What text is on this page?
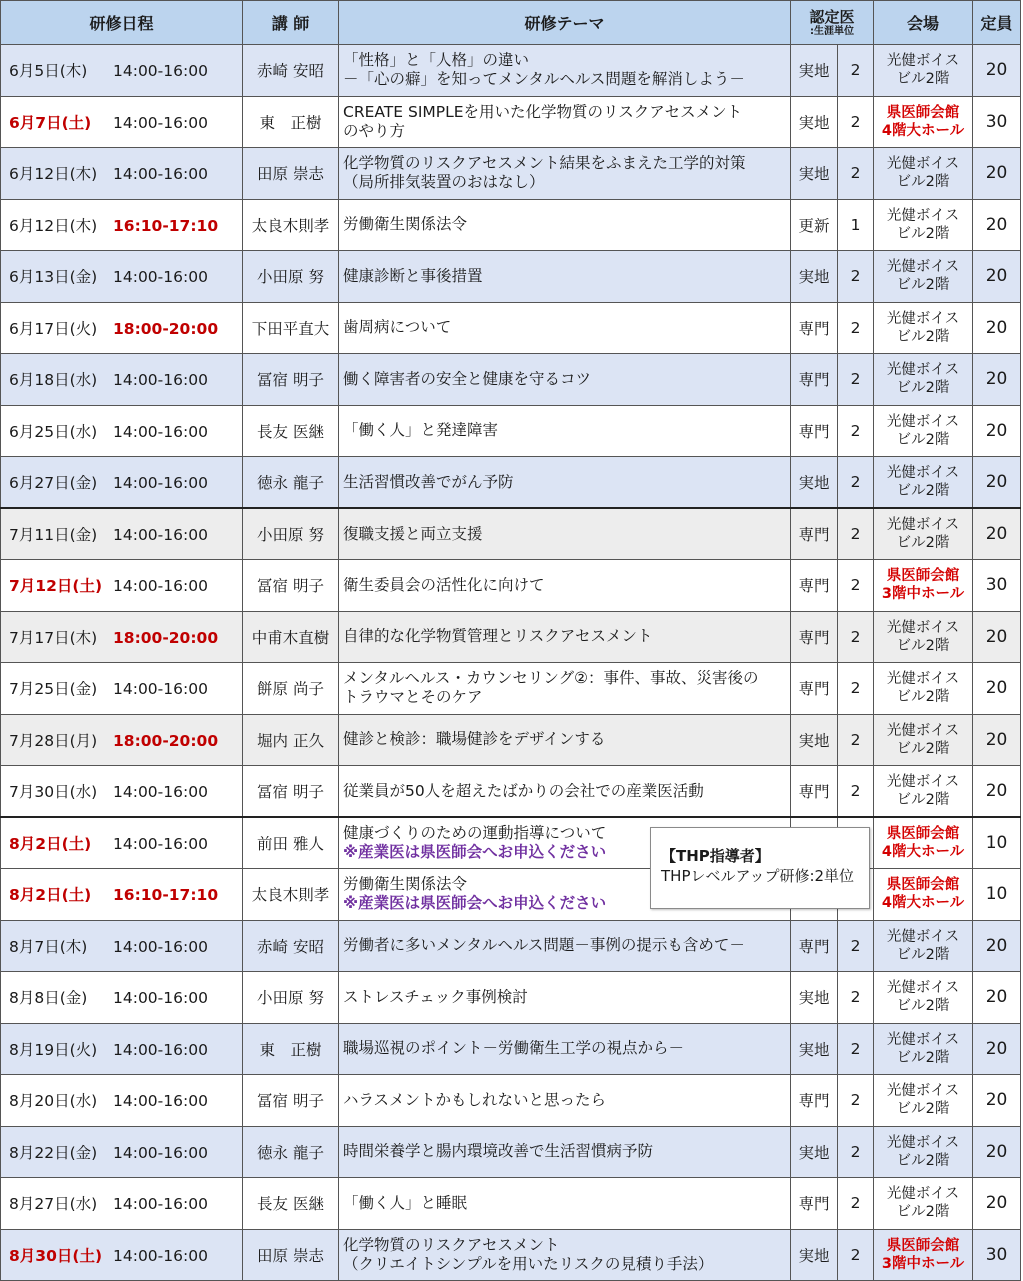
研修日程	講 師	研修テーマ	認定医
:生涯単位		会場	定員
6月5日(木) 14:00-16:00	赤崎 安昭	「性格」と「人格」の違い
－「心の癖」を知ってメンタルヘルス問題を解消しよう－	実地	2	光健ボイス
ビル2階	20
6月7日(土) 14:00-16:00	東　正樹	CREATE SIMPLEを用いた化学物質のリスクアセスメント
のやり方	実地	2	県医師会館
4階大ホール	30
6月12日(木) 14:00-16:00	田原 崇志	化学物質のリスクアセスメント結果をふまえた工学的対策
（局所排気装置のおはなし）	実地	2	光健ボイス
ビル2階	20
6月12日(木) 16:10-17:10	太良木則孝	労働衛生関係法令	更新	1	光健ボイス
ビル2階	20
6月13日(金) 14:00-16:00	小田原 努	健康診断と事後措置	実地	2	光健ボイス
ビル2階	20
6月17日(火) 18:00-20:00	下田平直大	歯周病について	専門	2	光健ボイス
ビル2階	20
6月18日(水) 14:00-16:00	冨宿 明子	働く障害者の安全と健康を守るコツ	専門	2	光健ボイス
ビル2階	20
6月25日(水) 14:00-16:00	長友 医継	「働く人」と発達障害	専門	2	光健ボイス
ビル2階	20
6月27日(金) 14:00-16:00	徳永 龍子	生活習慣改善でがん予防	実地	2	光健ボイス
ビル2階	20
7月11日(金) 14:00-16:00	小田原 努	復職支援と両立支援	専門	2	光健ボイス
ビル2階	20
7月12日(土) 14:00-16:00	冨宿 明子	衛生委員会の活性化に向けて	専門	2	県医師会館
3階中ホール	30
7月17日(木) 18:00-20:00	中甫木直樹	自律的な化学物質管理とリスクアセスメント	専門	2	光健ボイス
ビル2階	20
7月25日(金) 14:00-16:00	餅原 尚子	メンタルヘルス・カウンセリング②：事件、事故、災害後の
トラウマとそのケア	専門	2	光健ボイス
ビル2階	20
7月28日(月) 18:00-20:00	堀内 正久	健診と検診：職場健診をデザインする	実地	2	光健ボイス
ビル2階	20
7月30日(水) 14:00-16:00	冨宿 明子	従業員が50人を超えたばかりの会社での産業医活動	専門	2	光健ボイス
ビル2階	20
8月2日(土) 14:00-16:00	前田 雅人	健康づくりのための運動指導について
※産業医は県医師会へお申込ください			県医師会館
4階大ホール	10
8月2日(土) 16:10-17:10	太良木則孝	労働衛生関係法令
※産業医は県医師会へお申込ください			県医師会館
4階大ホール	10
8月7日(木) 14:00-16:00	赤崎 安昭	労働者に多いメンタルヘルス問題－事例の提示も含めて－	専門	2	光健ボイス
ビル2階	20
8月8日(金) 14:00-16:00	小田原 努	ストレスチェック事例検討	実地	2	光健ボイス
ビル2階	20
8月19日(火) 14:00-16:00	東　正樹	職場巡視のポイント－労働衛生工学の視点から－	実地	2	光健ボイス
ビル2階	20
8月20日(水) 14:00-16:00	冨宿 明子	ハラスメントかもしれないと思ったら	専門	2	光健ボイス
ビル2階	20
8月22日(金) 14:00-16:00	徳永 龍子	時間栄養学と腸内環境改善で生活習慣病予防	実地	2	光健ボイス
ビル2階	20
8月27日(水) 14:00-16:00	長友 医継	「働く人」と睡眠	専門	2	光健ボイス
ビル2階	20
8月30日(土) 14:00-16:00	田原 崇志	化学物質のリスクアセスメント
（クリエイトシンプルを用いたリスクの見積り手法）	実地	2	県医師会館
3階中ホール	30
【THP指導者】
THPレベルアップ研修:2単位
